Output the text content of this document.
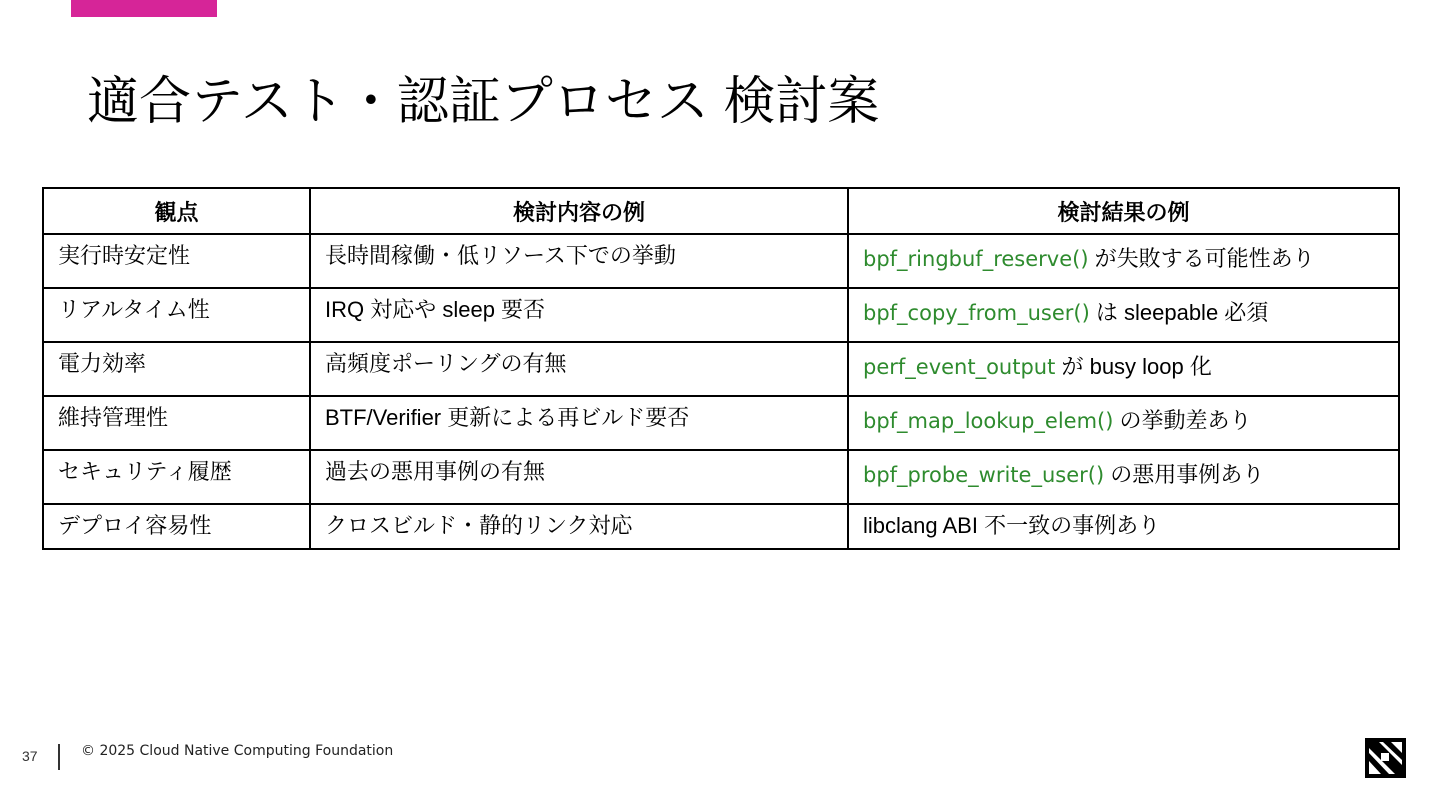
適合テスト・認証プロセス 検討案
観点	検討内容の例	検討結果の例
実行時安定性	長時間稼働・低リソース下での挙動	bpf_ringbuf_reserve() が失敗する可能性あり
リアルタイム性	IRQ 対応や sleep 要否	bpf_copy_from_user() は sleepable 必須
電力効率	高頻度ポーリングの有無	perf_event_output が busy loop 化
維持管理性	BTF/Verifier 更新による再ビルド要否	bpf_map_lookup_elem() の挙動差あり
セキュリティ履歴	過去の悪用事例の有無	bpf_probe_write_user() の悪用事例あり
デプロイ容易性	クロスビルド・静的リンク対応	libclang ABI 不一致の事例あり
37	© 2025 Cloud Native Computing Foundation
